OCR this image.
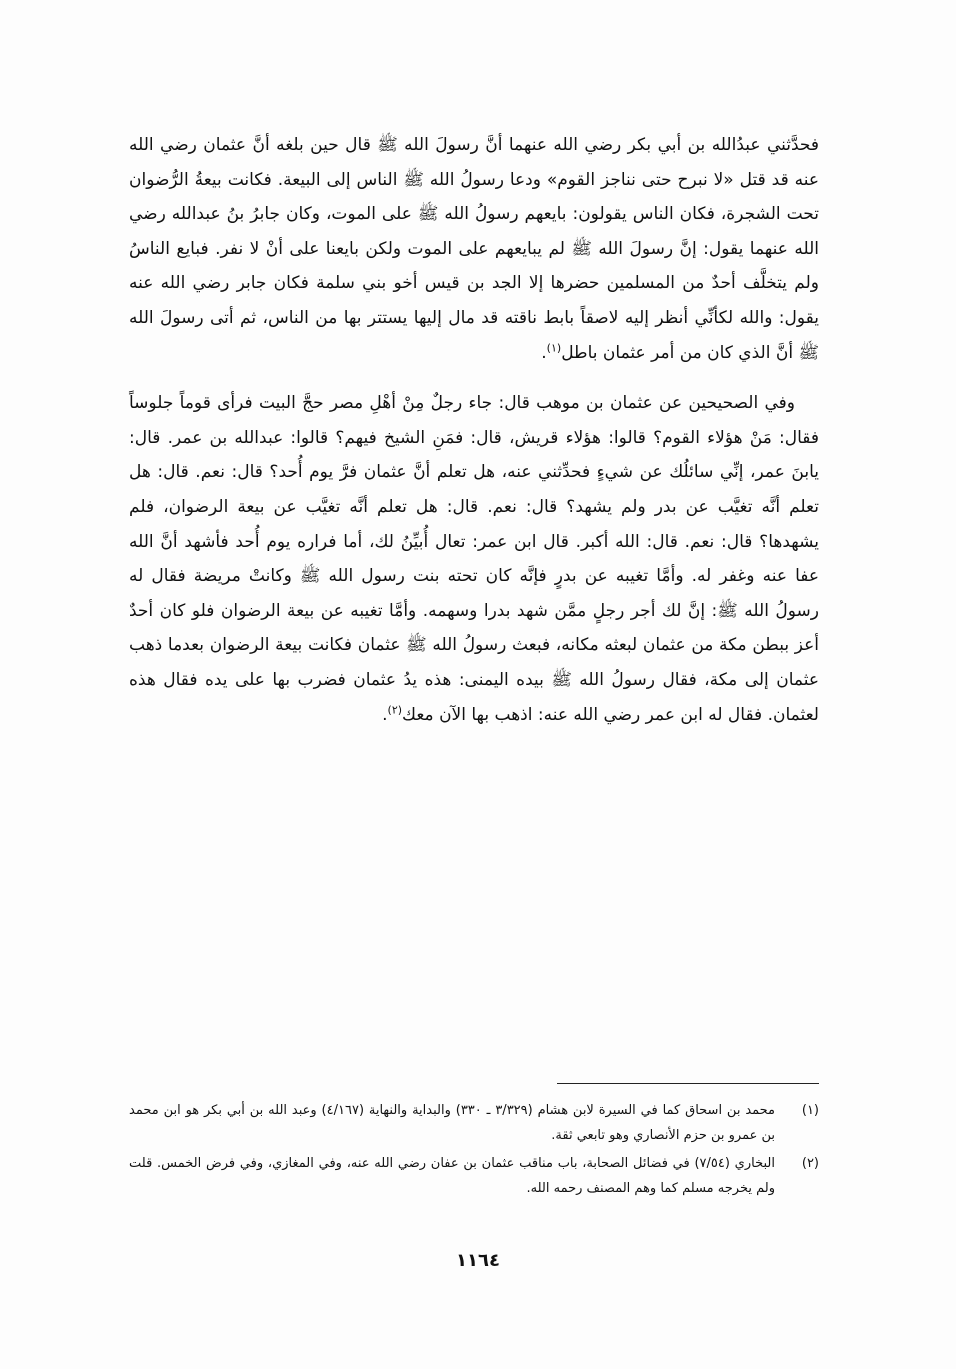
فحدَّثني عبدُالله بن أبي بكر رضي الله عنهما أنَّ رسولَ الله ﷺ قال حين بلغه أنَّ عثمان رضي الله عنه قد قتل «لا نبرح حتى نناجز القوم» ودعا رسولُ الله ﷺ الناس إلى البيعة. فكانت بيعةُ الرُّضوان تحت الشجرة، فكان الناس يقولون: بايعهم رسولُ الله ﷺ على الموت، وكان جابرُ بنُ عبدالله رضي الله عنهما يقول: إنَّ رسولَ الله ﷺ لم يبايعهم على الموت ولكن بايعنا على أنْ لا نفر. فبايع الناسُ ولم يتخلَّف أحدٌ من المسلمين حضرها إلا الجد بن قيس أخو بني سلمة فكان جابر رضي الله عنه يقول: والله لكأنِّي أنظر إليه لاصقاً بابط ناقته قد مال إليها يستتر بها من الناس، ثم أتى رسولَ الله ﷺ أنَّ الذي كان من أمر عثمان باطل$^{(١)}$.

وفي الصحيحين عن عثمان بن موهب قال: جاء رجلٌ مِنْ أهْلِ مصر حجَّ البيت فرأى قوماً جلوساً فقال: مَنْ هؤلاء القوم؟ قالوا: هؤلاء قريش، قال: فمَنِ الشيخ فيهم؟ قالوا: عبدالله بن عمر. قال: يابنَ عمر، إنِّي سائلُك عن شيءٍ فحدِّثني عنه، هل تعلم أنَّ عثمان فرَّ يوم أُحد؟ قال: نعم. قال: هل تعلم أنَّه تغيَّب عن بدر ولم يشهد؟ قال: نعم. قال: هل تعلم أنَّه تغيَّب عن بيعة الرضوان، فلم يشهدها؟ قال: نعم. قال: الله أكبر. قال ابن عمر: تعال أُبيِّنُ لك، أما فراره يوم أُحد فأشهد أنَّ الله عفا عنه وغفر له. وأمَّا تغيبه عن بدرٍ فإنَّه كان تحته بنت رسول الله ﷺ وكانتْ مريضة فقال له رسولُ الله ﷺ: إنَّ لك أجر رجلٍ ممَّن شهد بدرا وسهمه. وأمَّا تغيبه عن بيعة الرضوان فلو كان أحدٌ أعز ببطن مكة من عثمان لبعثه مكانه، فبعث رسولُ الله ﷺ عثمان فكانت بيعة الرضوان بعدما ذهب عثمان إلى مكة، فقال رسولُ الله ﷺ بيده اليمنى: هذه يدُ عثمان فضرب بها على يده فقال هذه لعثمان. فقال له ابن عمر رضي الله عنه: اذهب بها الآن معك$^{(٢)}$.

(١)
محمد بن اسحاق كما في السيرة لابن هشام (٣/٣٢٩ ـ ٣٣٠) والبداية والنهاية (٤/١٦٧) وعبد الله بن أبي بكر هو ابن محمد بن عمرو بن حزم الأنصاري وهو تابعي ثقة.
(٢)
البخاري (٧/٥٤) في فضائل الصحابة، باب مناقب عثمان بن عفان رضي الله عنه، وفي المغازي، وفي فرض الخمس. قلت ولم يخرجه مسلم كما وهم المصنف رحمه الله.
١١٦٤
